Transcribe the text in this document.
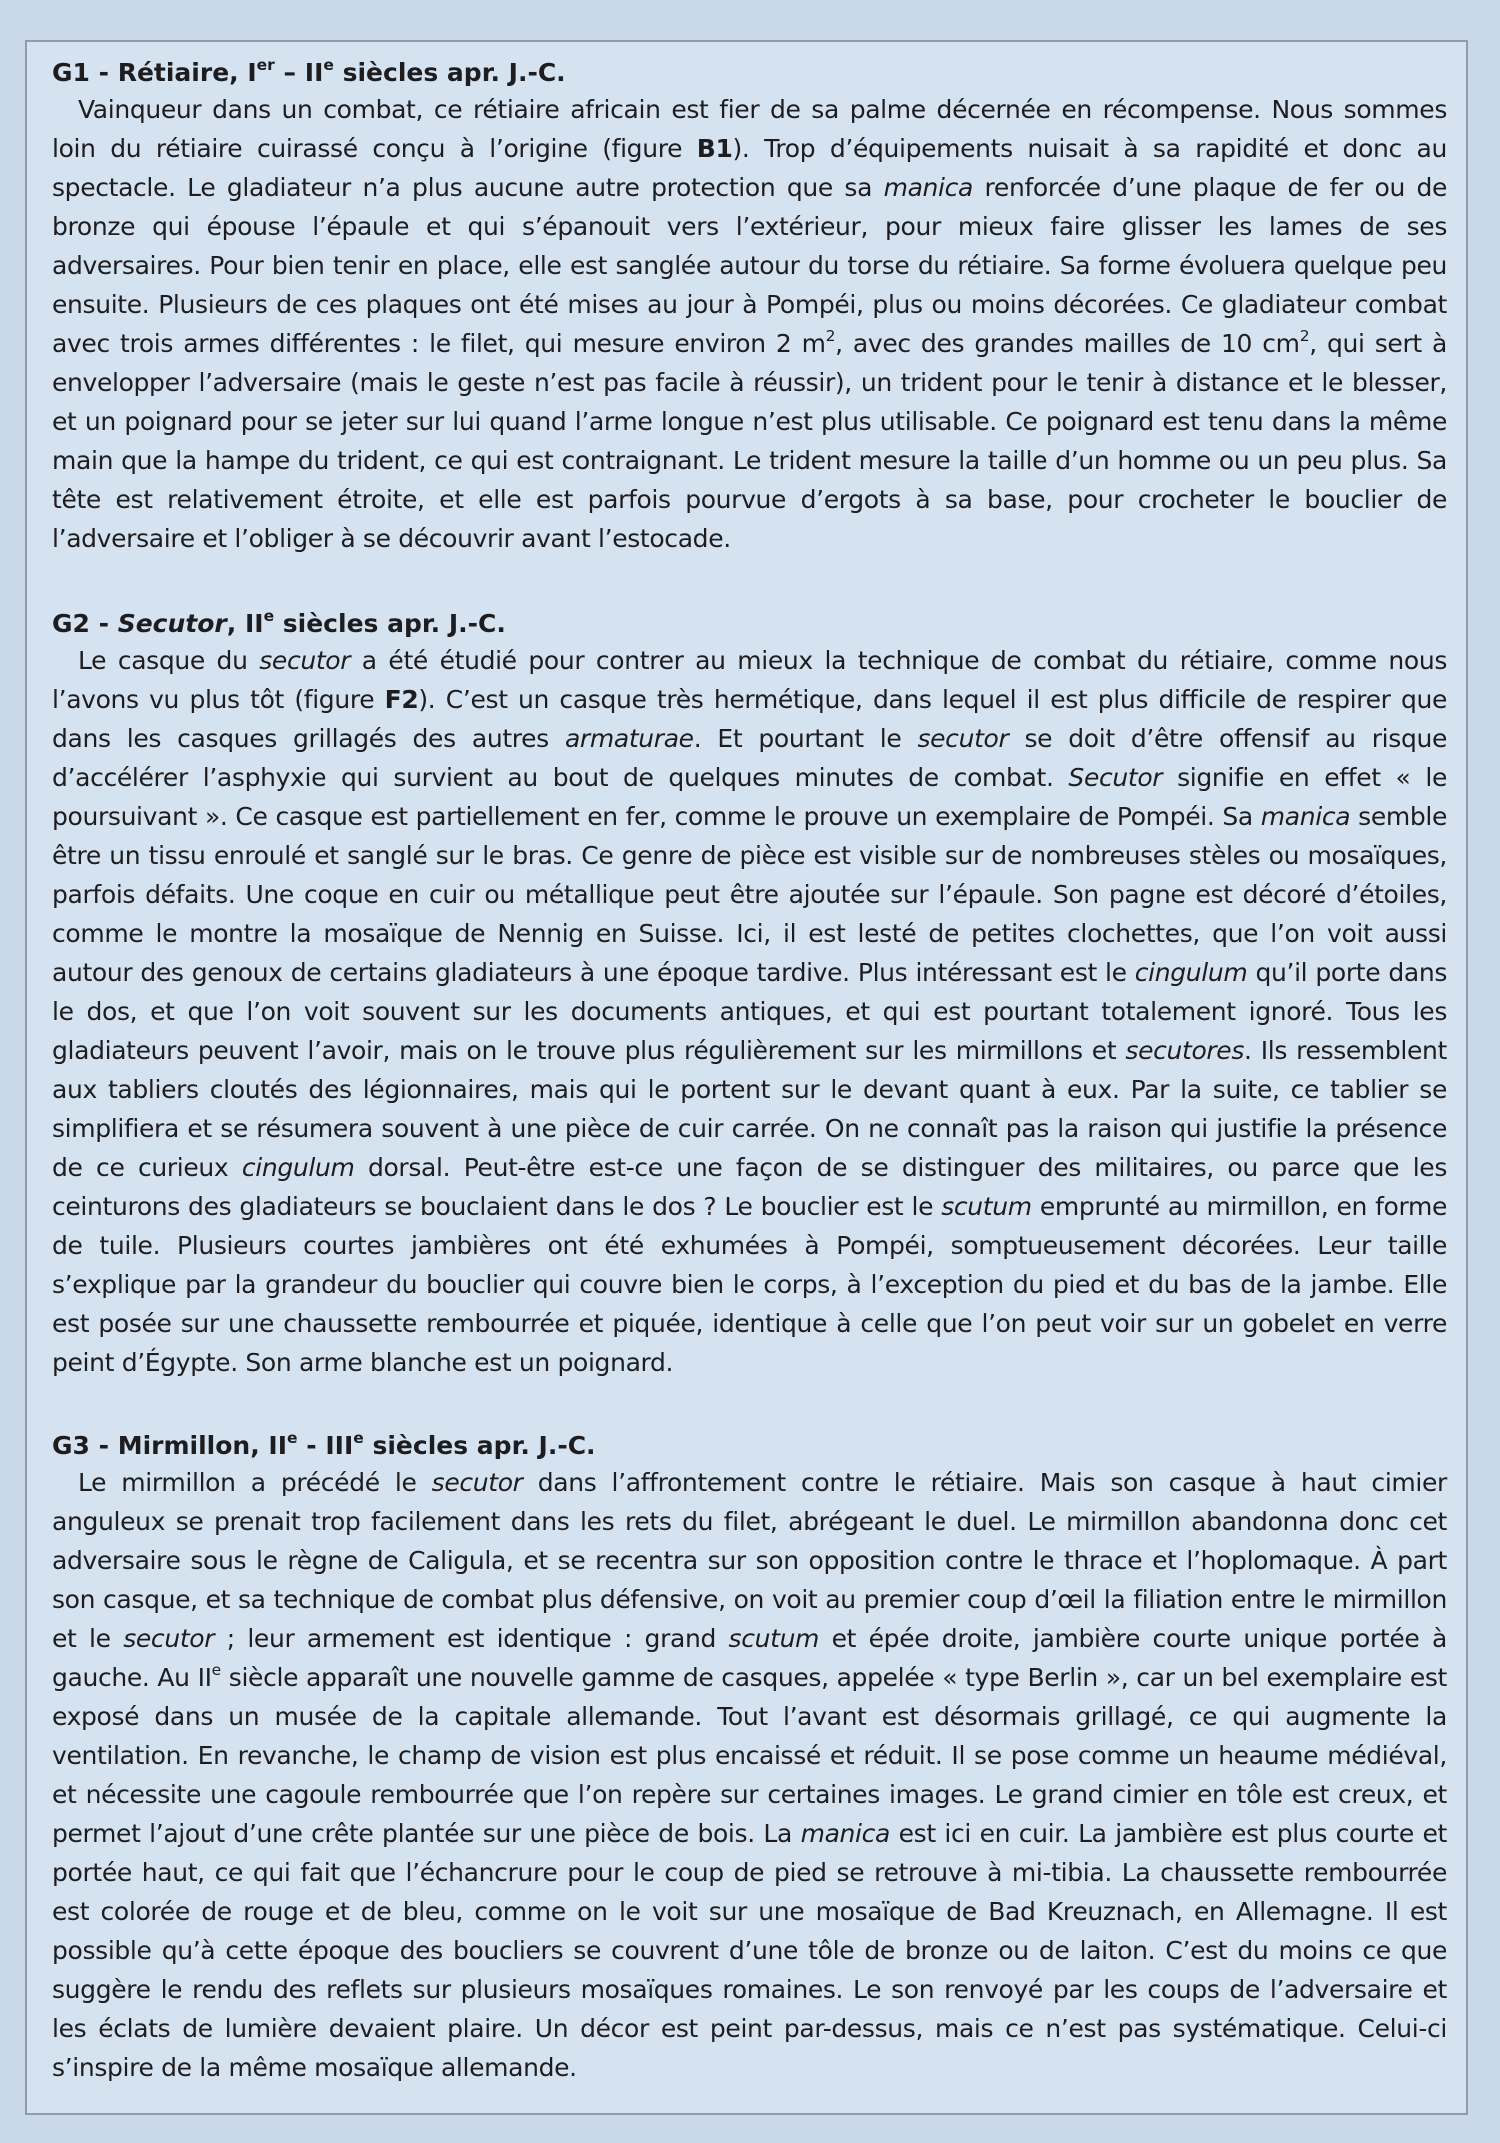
G1 - Rétiaire, Ier – IIe siècles apr. J.-C.

Vainqueur dans un combat, ce rétiaire africain est fier de sa palme décernée en récompense. Nous sommes loin du rétiaire cuirassé conçu à l’origine (figure B1). Trop d’équipements nuisait à sa rapidité et donc au spectacle. Le gladiateur n’a plus aucune autre protection que sa manica renforcée d’une plaque de fer ou de bronze qui épouse l’épaule et qui s’épanouit vers l’extérieur, pour mieux faire glisser les lames de ses adversaires. Pour bien tenir en place, elle est sanglée autour du torse du rétiaire. Sa forme évoluera quelque peu ensuite. Plusieurs de ces plaques ont été mises au jour à Pompéi, plus ou moins décorées. Ce gladiateur combat avec trois armes différentes : le filet, qui mesure environ 2 $m^2$, avec des grandes mailles de 10 $cm^2$, qui sert à envelopper l’adversaire (mais le geste n’est pas facile à réussir), un trident pour le tenir à distance et le blesser, et un poignard pour se jeter sur lui quand l’arme longue n’est plus utilisable. Ce poignard est tenu dans la même main que la hampe du trident, ce qui est contraignant. Le trident mesure la taille d’un homme ou un peu plus. Sa tête est relativement étroite, et elle est parfois pourvue d’ergots à sa base, pour crocheter le bouclier de l’adversaire et l’obliger à se découvrir avant l’estocade.

G2 - Secutor, IIe siècles apr. J.-C.

Le casque du secutor a été étudié pour contrer au mieux la technique de combat du rétiaire, comme nous l’avons vu plus tôt (figure F2). C’est un casque très hermétique, dans lequel il est plus difficile de respirer que dans les casques grillagés des autres armaturae. Et pourtant le secutor se doit d’être offensif au risque d’accélérer l’asphyxie qui survient au bout de quelques minutes de combat. Secutor signifie en effet « le poursuivant ». Ce casque est partiellement en fer, comme le prouve un exemplaire de Pompéi. Sa manica semble être un tissu enroulé et sanglé sur le bras. Ce genre de pièce est visible sur de nombreuses stèles ou mosaïques, parfois défaits. Une coque en cuir ou métallique peut être ajoutée sur l’épaule. Son pagne est décoré d’étoiles, comme le montre la mosaïque de Nennig en Suisse. Ici, il est lesté de petites clochettes, que l’on voit aussi autour des genoux de certains gladiateurs à une époque tardive. Plus intéressant est le cingulum qu’il porte dans le dos, et que l’on voit souvent sur les documents antiques, et qui est pourtant totalement ignoré. Tous les gladiateurs peuvent l’avoir, mais on le trouve plus régulièrement sur les mirmillons et secutores. Ils ressemblent aux tabliers cloutés des légionnaires, mais qui le portent sur le devant quant à eux. Par la suite, ce tablier se simplifiera et se résumera souvent à une pièce de cuir carrée. On ne connaît pas la raison qui justifie la présence de ce curieux cingulum dorsal. Peut-être est-ce une façon de se distinguer des militaires, ou parce que les ceinturons des gladiateurs se bouclaient dans le dos ? Le bouclier est le scutum emprunté au mirmillon, en forme de tuile. Plusieurs courtes jambières ont été exhumées à Pompéi, somptueusement décorées. Leur taille s’explique par la grandeur du bouclier qui couvre bien le corps, à l’exception du pied et du bas de la jambe. Elle est posée sur une chaussette rembourrée et piquée, identique à celle que l’on peut voir sur un gobelet en verre peint d’Égypte. Son arme blanche est un poignard.

G3 - Mirmillon, IIe - IIIe siècles apr. J.-C.

Le mirmillon a précédé le secutor dans l’affrontement contre le rétiaire. Mais son casque à haut cimier anguleux se prenait trop facilement dans les rets du filet, abrégeant le duel. Le mirmillon abandonna donc cet adversaire sous le règne de Caligula, et se recentra sur son opposition contre le thrace et l’hoplomaque. À part son casque, et sa technique de combat plus défensive, on voit au premier coup d’œil la filiation entre le mirmillon et le secutor ; leur armement est identique : grand scutum et épée droite, jambière courte unique portée à gauche. Au IIe siècle apparaît une nouvelle gamme de casques, appelée « type Berlin », car un bel exemplaire est exposé dans un musée de la capitale allemande. Tout l’avant est désormais grillagé, ce qui augmente la ventilation. En revanche, le champ de vision est plus encaissé et réduit. Il se pose comme un heaume médiéval, et nécessite une cagoule rembourrée que l’on repère sur certaines images. Le grand cimier en tôle est creux, et permet l’ajout d’une crête plantée sur une pièce de bois. La manica est ici en cuir. La jambière est plus courte et portée haut, ce qui fait que l’échancrure pour le coup de pied se retrouve à mi-tibia. La chaussette rembourrée est colorée de rouge et de bleu, comme on le voit sur une mosaïque de Bad Kreuznach, en Allemagne. Il est possible qu’à cette époque des boucliers se couvrent d’une tôle de bronze ou de laiton. C’est du moins ce que suggère le rendu des reflets sur plusieurs mosaïques romaines. Le son renvoyé par les coups de l’adversaire et les éclats de lumière devaient plaire. Un décor est peint par-dessus, mais ce n’est pas systématique. Celui-ci s’inspire de la même mosaïque allemande.
